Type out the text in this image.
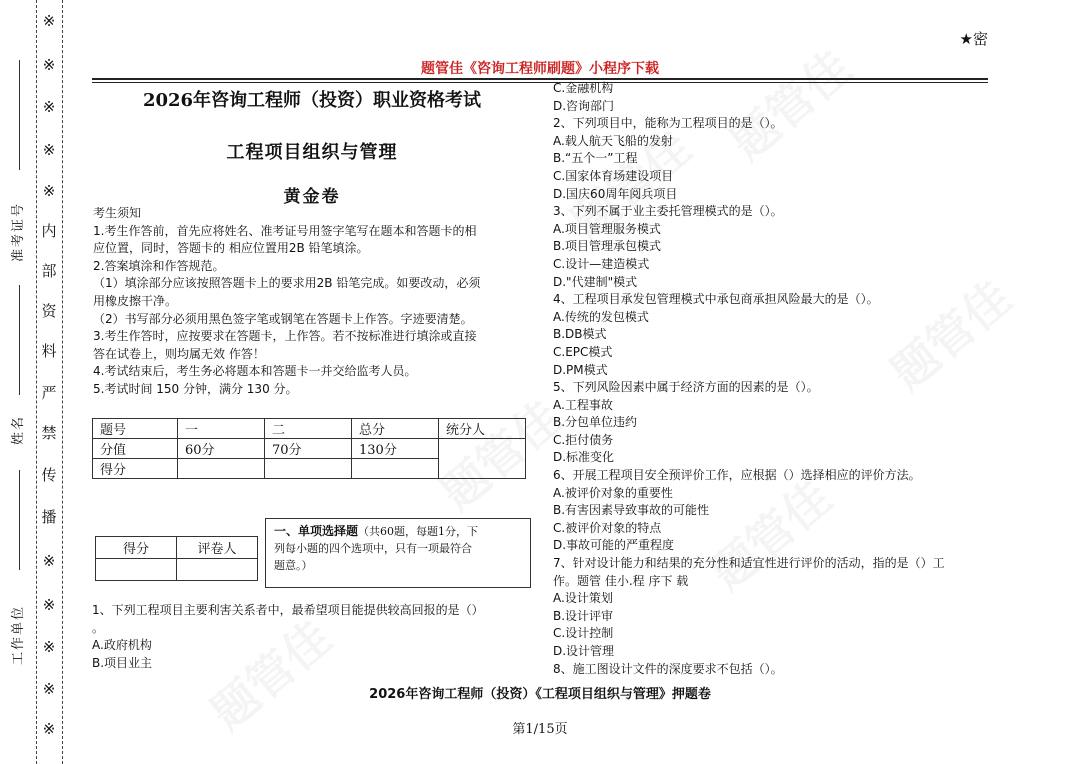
※
※
※
※
※
内
部
资
料
严
禁
传
播
※
※
※
※
※
准考证号
姓名
工作单位
★密
题管佳《咨询工程师刷题》小程序下载
2026年咨询工程师（投资）职业资格考试
工程项目组织与管理
黄金卷
考生须知
1.考生作答前，首先应将姓名、准考证号用签字笔写在题本和答题卡的相
应位置，同时，答题卡的 相应位置用2B 铅笔填涂。
2.答案填涂和作答规范。
（1）填涂部分应该按照答题卡上的要求用2B 铅笔完成。如要改动，必须
用橡皮擦干净。
（2）书写部分必须用黑色签字笔或钢笔在答题卡上作答。字迹要清楚。
3.考生作答时，应按要求在答题卡，上作答。若不按标准进行填涂或直接
答在试卷上，则均属无效 作答！
4.考试结束后，考生务必将题本和答题卡一并交给监考人员。
5.考试时间 150 分钟，满分 130 分。
题号	一	二	总分	统分人
分值	60分	70分	130分	
得分				
得分	评卷人

一、单项选择题（共60题，每题1分，下
列每小题的四个选项中，只有一项最符合
题意。）
1、下列工程项目主要利害关系者中，最希望项目能提供较高回报的是（）
。
A.政府机构
B.项目业主
C.金融机构
D.咨询部门
2、下列项目中，能称为工程项目的是（）。
A.载人航天飞船的发射
B.“五个一”工程
C.国家体育场建设项目
D.国庆60周年阅兵项目
3、下列不属于业主委托管理模式的是（）。
A.项目管理服务模式
B.项目管理承包模式
C.设计—建造模式
D."代建制"模式
4、工程项目承发包管理模式中承包商承担风险最大的是（）。
A.传统的发包模式
B.DB模式
C.EPC模式
D.PM模式
5、下列风险因素中属于经济方面的因素的是（）。
A.工程事故
B.分包单位违约
C.拒付债务
D.标准变化
6、开展工程项目安全预评价工作，应根据（）选择相应的评价方法。
A.被评价对象的重要性
B.有害因素导致事故的可能性
C.被评价对象的特点
D.事故可能的严重程度
7、针对设计能力和结果的充分性和适宜性进行评价的活动，指的是（）工
作。题管 佳小.程 序下 载
A.设计策划
B.设计评审
C.设计控制
D.设计管理
8、施工图设计文件的深度要求不包括（）。
2026年咨询工程师（投资）《工程项目组织与管理》押题卷
第1/15页
